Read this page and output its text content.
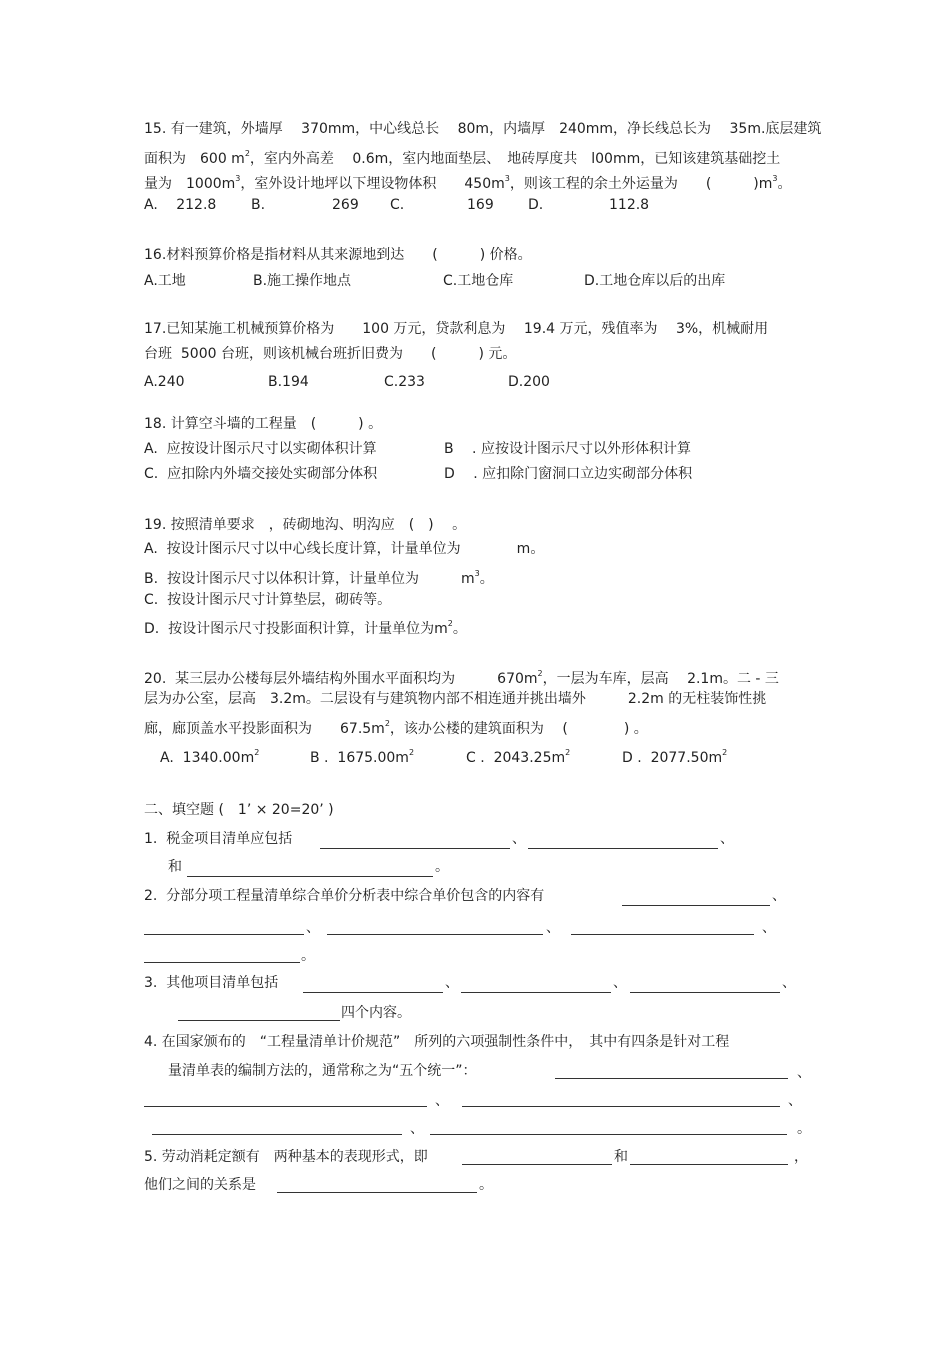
15. 有一建筑，外墙厚　 370mm，中心线总长　 80m，内墙厚　240mm，净长线总长为　 35m.底层建筑
面积为　600 $m^2$，室内外高差　 0.6m，室内地面垫层、　地砖厚度共　l00mm，已知该建筑基础挖土
量为　$1000m^3$，室外设计地坪以下埋设物体积　　$450m^3$，则该工程的余土外运量为　　(　　　)$m^3$。
A.　 212.8 B.	269 C.	169 D.	112.8
16.材料预算价格是指材料从其来源地到达　　(　　　) 价格。
A.工地	B.施工操作地点	C.工地仓库	D.工地仓库以后的出库
17.已知某施工机械预算价格为　　100 万元，贷款利息为　 19.4 万元，残值率为　 3%，机械耐用
台班  5000 台班，则该机械台班折旧费为　　(　　　) 元。
A.240	B.194	C.233	D.200
18. 计算空斗墙的工程量　(　　　) 。
A.  应按设计图示尺寸以实砌体积计算	B　 . 应按设计图示尺寸以外形体积计算
C.  应扣除内外墙交接处实砌部分体积	D　 . 应扣除门窗洞口立边实砌部分体积
19. 按照清单要求　，砖砌地沟、明沟应　(　)　 。
A.  按设计图示尺寸以中心线长度计算，计量单位为　　　　m。
B.  按设计图示尺寸以体积计算，计量单位为　　　$m^3$。
C.  按设计图示尺寸计算垫层，砌砖等。
D.  按设计图示尺寸投影面积计算，计量单位为$m^2$。
20.  某三层办公楼每层外墙结构外围水平面积均为　　　$670m^2$，一层为车库，层高　 2.1m。二 - 三
层为办公室，层高　3.2m。二层设有与建筑物内部不相连通并挑出墙外　　　2.2m 的无柱装饰性挑
廊，廊顶盖水平投影面积为　　$67.5m^2$，该办公楼的建筑面积为　 (　　　　) 。
A.  $1340.00m^2$	B .  $1675.00m^2$	C .  $2043.25m^2$	D .  $2077.50m^2$
二、填空题 (　1’ × 20=20’ )
1.  税金项目清单应包括	、	、
和	。
2.  分部分项工程量清单综合单价分析表中综合单价包含的内容有	、
、	、	、
。
3.  其他项目清单包括	、	、	、
四个内容。
4. 在国家颁布的　“工程量清单计价规范”　所列的六项强制性条件中，　其中有四条是针对工程
量清单表的编制方法的，通常称之为“五个统一”：	、
、	、
、	。
5. 劳动消耗定额有　两种基本的表现形式，即	和	，
他们之间的关系是	。
